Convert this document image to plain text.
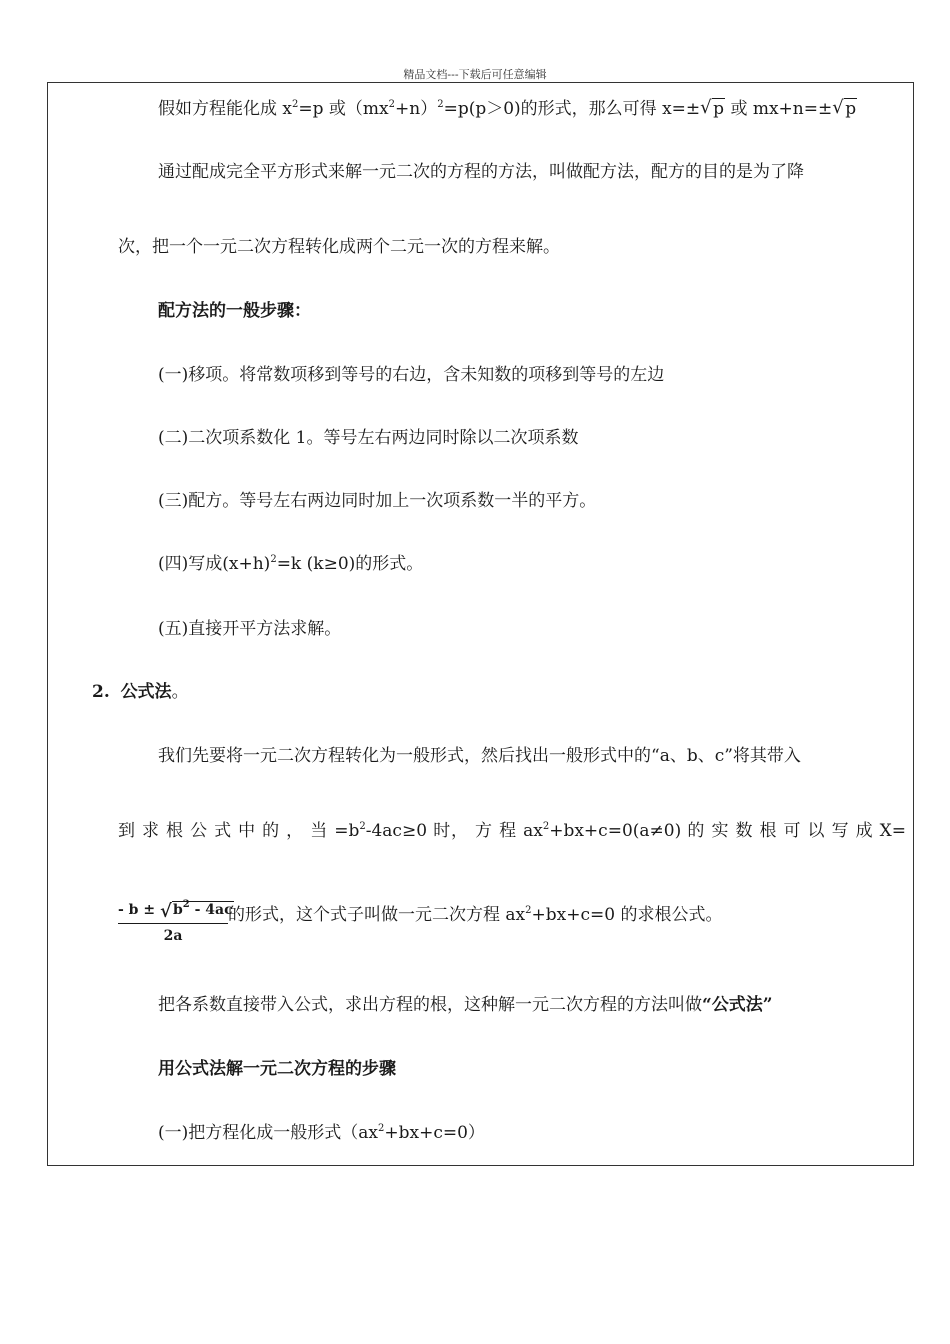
精品文档---下载后可任意编辑
假如方程能化成 $x^2=p$ 或$(mx^2+n)^2=p(p>0)$的形式，那么可得 x=± √ p 或 mx+n=± √ p
通过配成完全平方形式来解一元二次的方程的方法，叫做配方法，配方的目的是为了降
次，把一个一元二次方程转化成两个二元一次的方程来解。
配方法的一般步骤：
(一)移项。将常数项移到等号的右边，含未知数的项移到等号的左边
(二)二次项系数化 1。等号左右两边同时除以二次项系数
(三)配方。等号左右两边同时加上一次项系数一半的平方。
(四)写成$(x+h)^2=k$ (k≥0)的形式。
(五)直接开平方法求解。
2. 公式法。
我们先要将一元二次方程转化为一般形式，然后找出一般形式中的“a、b、c”将其带入
到 求 根 公 式 中 的 ， 当 $=b^2-4ac\ge 0$ 时， 方 程 $ax^2+bx+c=0(a\ne 0)$ 的 实 数 根 可 以 写 成 X=
$\frac{- b \pm √ b^2 - 4ac}{2a}$ 的形式，这个式子叫做一元二次方程 $ax^2+bx+c=0$ 的求根公式。
把各系数直接带入公式，求出方程的根，这种解一元二次方程的方法叫做“公式法”
用公式法解一元二次方程的步骤
(一)把方程化成一般形式$(ax^2+bx+c=0)$
